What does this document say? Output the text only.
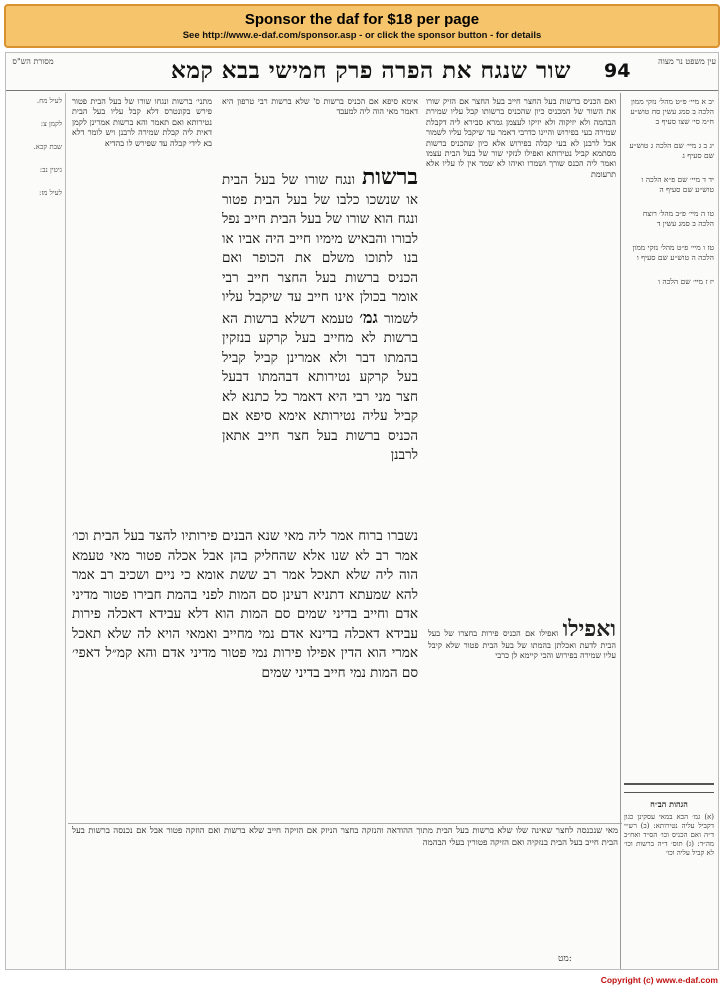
Sponsor the daf for $18 per page
See http://www.e-daf.com/sponsor.asp - or click the sponsor button - for details
מסורת הש"ס	שור שנגח את הפרה פרק חמישי בבא קמא	94	עין משפט נר מצוה
לעיל מח.
לקמן צ:
שבת קכא.
גיטין נב:
לעיל מז:
מתני׳ ברשות ונגחו שורו של בעל הבית פטור פירש בקונטרס דלא קבל עליו בעל הבית נטירותא ואם תאמר והא ברשות אמרינן לקמן דאית ליה קבלת שמירה לרבנן ויש לומר דלא בא לידי קבלה עד שפירש לו בהדיא
אימא סיפא אם הכניס ברשות ס' שלא ברשות רבי טרפון היא דאמר מאי הוה ליה למעבד
ברשות ונגח שורו של בעל הבית או שנשכו כלבו של בעל הבית פטור ונגח הוא שורו של בעל הבית חייב נפל לבורו והבאיש מימיו חייב היה אביו או בנו לתוכו משלם את הכופר ואם הכניס ברשות בעל החצר חייב רבי אומר בכולן אינו חייב עד שיקבל עליו לשמור גמ׳ טעמא דשלא ברשות הא ברשות לא מחייב בעל קרקע בנזקין בהמתו דבר ולא אמרינן קביל קביל בעל קרקע נטירותא דבהמתו דבעל חצר מני רבי היא דאמר כל כתנא לא קביל עליה נטירותא אימא סיפא אם הכניס ברשות בעל חצר חייב אתאן לרבנן
נשברו ברוח אמר ליה מאי שנא הבנים פירותיו להצד בעל הבית וכו׳ אמר רב לא שנו אלא שהחליק בהן אבל אכלה פטור מאי טעמא הוה ליה שלא תאכל אמר רב ששת אומא כי ניים ושכיב רב אמר להא שמעתא דתניא רעינן סם המות לפני בהמת חבירו פטור מדיני אדם וחייב בדיני שמים סם המות הוא דלא עבידא דאכלה פירות עבידא דאכלה בדינא אדם נמי מחייב ואמאי הויא לה שלא תאכל אמרי הוא הדין אפילו פירות נמי פטור מדיני אדם והא קמ״ל דאפי׳ סם המות נמי חייב בדיני שמים
ואם הכניס ברשות בעל החצר חייב בעל החצר אם הזיק שורו את השור של המכניס כיון שהכניס ברשותו קבל עליו שמירת הבהמה ולא יזיקוה ולא יזיקו לעצמן גמרא סבירא ליה דקבלת שמירה בעי בפירוש והיינו כדרבי דאמר עד שיקבל עליו לשמור אבל לרבנן לא בעי קבלה בפירוש אלא כיון שהכניס ברשות מסתמא קביל נטירותא ואפילו לנזקי שור של בעל הבית עצמו ואמר ליה הכנס שורך ושמרו ואיהו לא שמר אין לו עליו אלא תרעומת
ואפילו ואפילו אם הכניס פירות בחצרו של בעל הבית לדעת ואכלתן בהמתו של בעל הבית פטור שלא קיבל עליו שמירה בפירוש והכי קיימא לן כרבי
מאי שנכנסה לחצר שאינה שלו שלא ברשות בעל הבית מתוך ההודאה והנזקה בחצר הניזק אם הזיקה חייב שלא ברשות ואם הוזקה פטור אבל אם נכנסה ברשות בעל הבית חייב בעל הבית בנזקיה ואם הזיקה פטורין בעלי הבהמה
יב א מיי׳ פ״ט מהל׳ נזקי ממון הלכה ב סמג עשין סח טוש״ע ח״מ סי׳ שצו סעיף ב
יג ב ג מיי׳ שם הלכה ג טוש״ע שם סעיף ג
יד ד מיי׳ שם פ״א הלכה ו טוש״ע שם סעיף ה
טו ה מיי׳ פ״ב מהל׳ רוצח הלכה ב סמג עשין ד
טז ו מיי׳ פ״ט מהל׳ נזקי ממון הלכה ה טוש״ע שם סעיף ו
יז ז מיי׳ שם הלכה ו
הגהות הב״ח
(א) גמ׳ הכא במאי עסקינן כגון דקביל עליה נטירותא: (ב) רש״י ד״ה ואם הכניס וכו׳ הס״ד ואח״כ מה״ד: (ג) תוס׳ ד״ה ברשות וכו׳ לא קביל עליה וכו׳
מט:
Copyright (c) www.e-daf.com
